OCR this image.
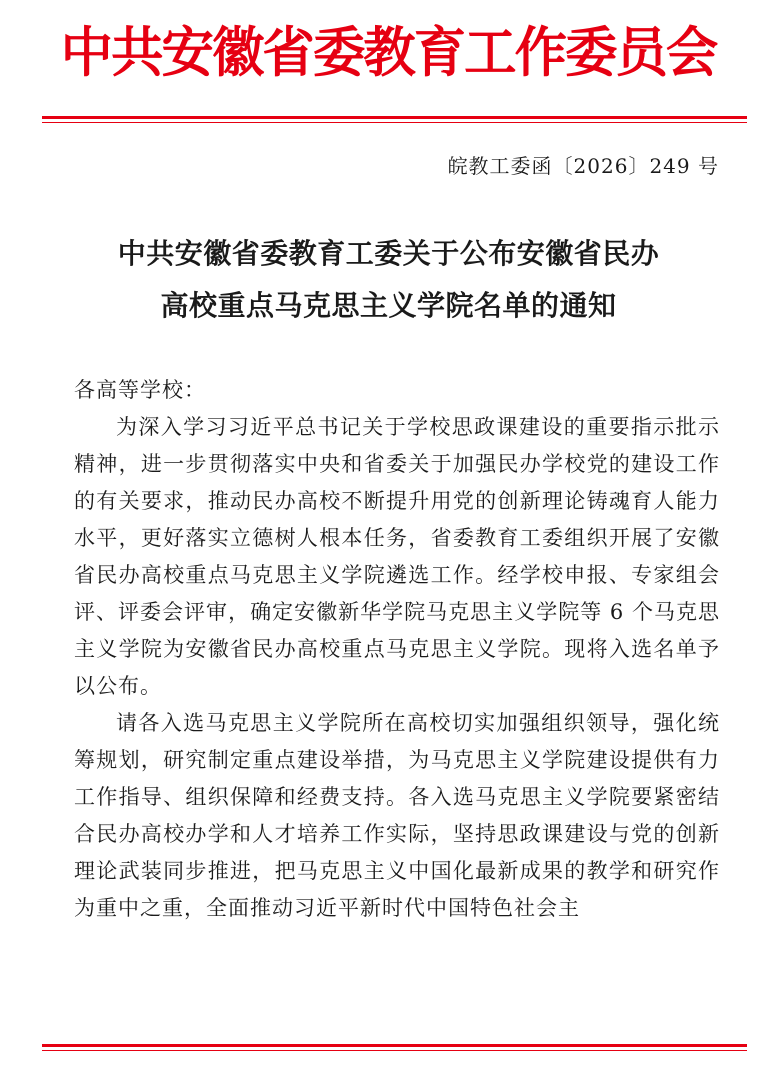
中共安徽省委教育工作委员会
皖教工委函〔2026〕249 号
中共安徽省委教育工委关于公布安徽省民办
高校重点马克思主义学院名单的通知

各高等学校：

为深入学习习近平总书记关于学校思政课建设的重要指示批示精神，进一步贯彻落实中央和省委关于加强民办学校党的建设工作的有关要求，推动民办高校不断提升用党的创新理论铸魂育人能力水平，更好落实立德树人根本任务，省委教育工委组织开展了安徽省民办高校重点马克思主义学院遴选工作。经学校申报、专家组会评、评委会评审，确定安徽新华学院马克思主义学院等 6 个马克思主义学院为安徽省民办高校重点马克思主义学院。现将入选名单予以公布。

请各入选马克思主义学院所在高校切实加强组织领导，强化统筹规划，研究制定重点建设举措，为马克思主义学院建设提供有力工作指导、组织保障和经费支持。各入选马克思主义学院要紧密结合民办高校办学和人才培养工作实际，坚持思政课建设与党的创新理论武装同步推进，把马克思主义中国化最新成果的教学和研究作为重中之重，全面推动习近平新时代中国特色社会主
